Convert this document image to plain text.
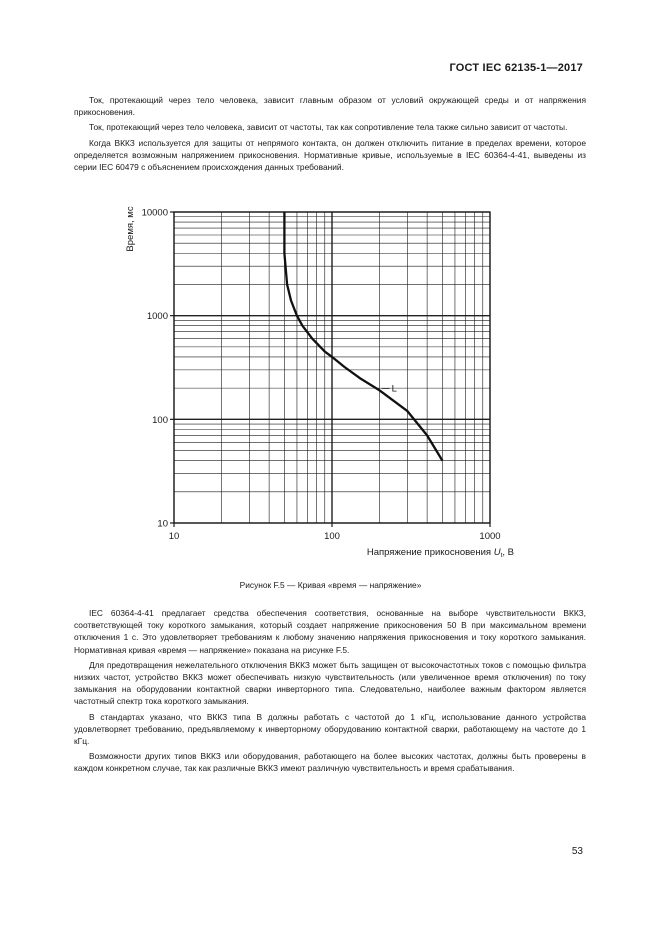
ГОСТ IEC 62135-1—2017

Ток, протекающий через тело человека, зависит главным образом от условий окружающей среды и от напряжения прикосновения.

Ток, протекающий через тело человека, зависит от частоты, так как сопротивление тела также сильно зависит от частоты.

Когда ВККЗ используется для защиты от непрямого контакта, он должен отключить питание в пределах времени, которое определяется возможным напряжением прикосновения. Нормативные кривые, используемые в IEC 60364-4-41, выведены из серии IEC 60479 с объяснением происхождения данных требований.

10	100	1000
10
100
1000
10000
L
Время, мс
Напряжение прикосновения $U_t$, В
Рисунок F.5 — Кривая «время — напряжение»

IEC 60364-4-41 предлагает средства обеспечения соответствия, основанные на выборе чувствительности ВККЗ, соответствующей току короткого замыкания, который создает напряжение прикосновения 50 В при максимальном времени отключения 1 с. Это удовлетворяет требованиям к любому значению напряжения прикосновения и току короткого замыкания. Нормативная кривая «время — напряжение» показана на рисунке F.5.

Для предотвращения нежелательного отключения ВККЗ может быть защищен от высокочастотных токов с помощью фильтра низких частот, устройство ВККЗ может обеспечивать низкую чувствительность (или увеличенное время отключения) по току замыкания на оборудовании контактной сварки инверторного типа. Следовательно, наиболее важным фактором является частотный спектр тока короткого замыкания.

В стандартах указано, что ВККЗ типа В должны работать с частотой до 1 кГц, использование данного устройства удовлетворяет требованию, предъявляемому к инверторному оборудованию контактной сварки, работающему на частоте до 1 кГц.

Возможности других типов ВККЗ или оборудования, работающего на более высоких частотах, должны быть проверены в каждом конкретном случае, так как различные ВККЗ имеют различную чувствительность и время срабатывания.

53
